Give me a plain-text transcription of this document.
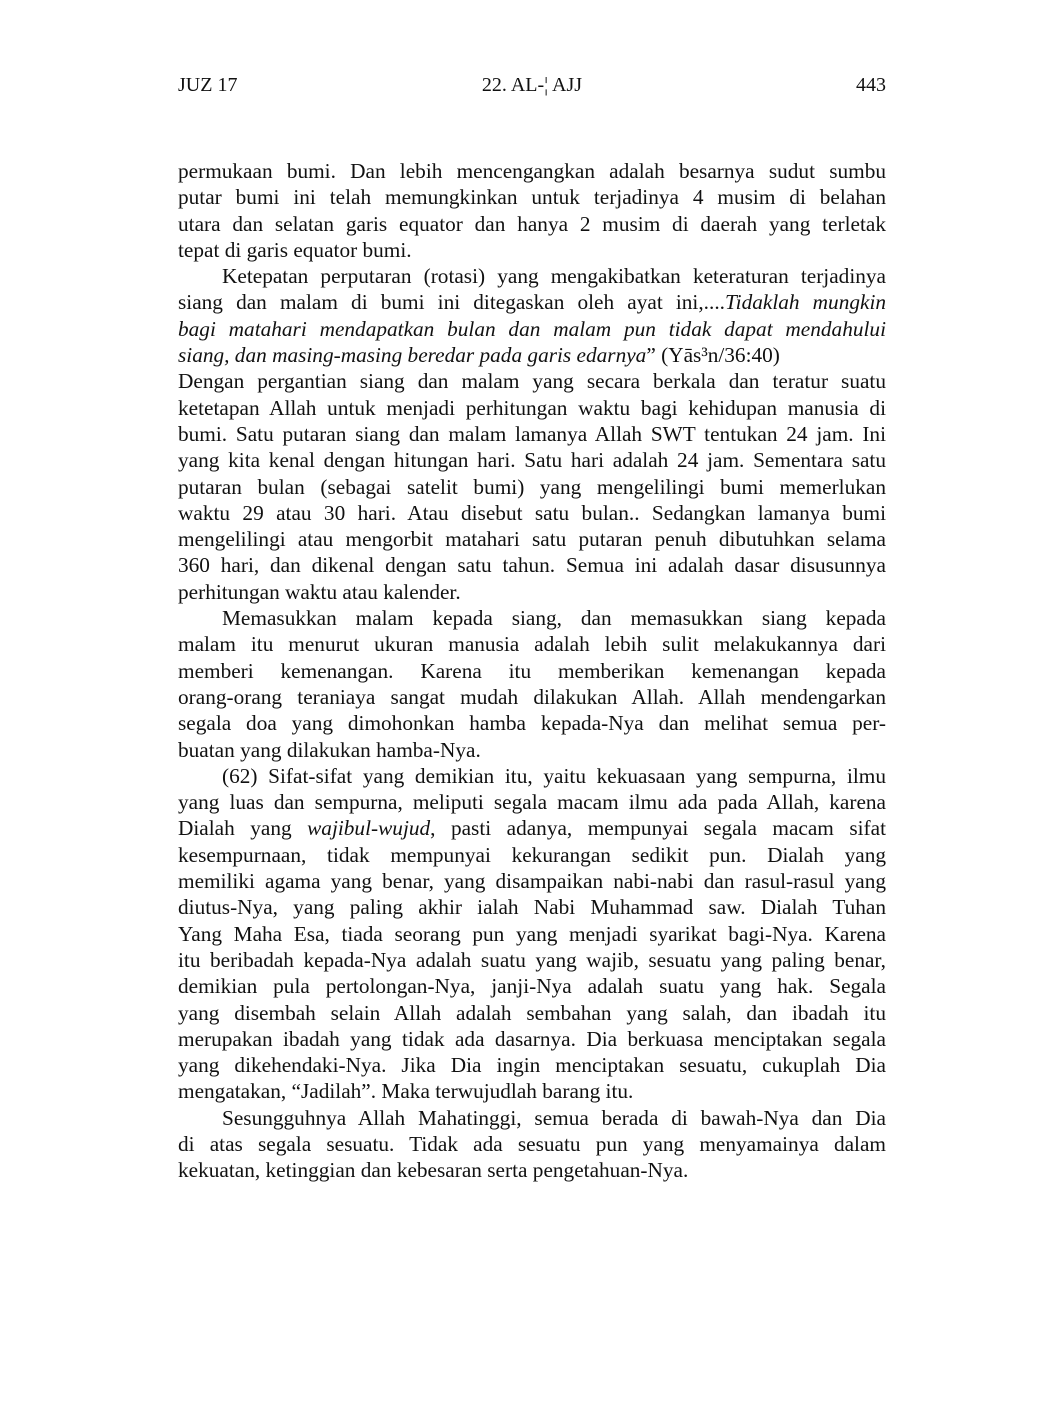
JUZ 17	22. AL-¦ AJJ	443
permukaan bumi. Dan lebih mencengangkan adalah besarnya sudut sumbu
putar bumi ini telah memungkinkan untuk terjadinya 4 musim di belahan
utara dan selatan garis equator dan hanya 2 musim di daerah yang terletak
tepat di garis equator bumi.
Ketepatan perputaran (rotasi) yang mengakibatkan keteraturan terjadinya
siang dan malam di bumi ini ditegaskan oleh ayat ini,....Tidaklah mungkin
bagi matahari mendapatkan bulan dan malam pun tidak dapat mendahului
siang, dan masing-masing beredar pada garis edarnya” (Yās³n/36:40)
Dengan pergantian siang dan malam yang secara berkala dan teratur suatu
ketetapan Allah untuk menjadi perhitungan waktu bagi kehidupan manusia di
bumi. Satu putaran siang dan malam lamanya Allah SWT tentukan 24 jam. Ini
yang kita kenal dengan hitungan hari. Satu hari adalah 24 jam. Sementara satu
putaran bulan (sebagai satelit bumi) yang mengelilingi bumi memerlukan
waktu 29 atau 30 hari. Atau disebut satu bulan.. Sedangkan lamanya bumi
mengelilingi atau mengorbit matahari satu putaran penuh dibutuhkan selama
360 hari, dan dikenal dengan satu tahun. Semua ini adalah dasar disusunnya
perhitungan waktu atau kalender.
Memasukkan malam kepada siang, dan memasukkan siang kepada
malam itu menurut ukuran manusia adalah lebih sulit melakukannya dari
memberi kemenangan. Karena itu memberikan kemenangan kepada
orang-orang teraniaya sangat mudah dilakukan Allah. Allah mendengarkan
segala doa yang dimohonkan hamba kepada-Nya dan melihat semua per-
buatan yang dilakukan hamba-Nya.
(62) Sifat-sifat yang demikian itu, yaitu kekuasaan yang sempurna, ilmu
yang luas dan sempurna, meliputi segala macam ilmu ada pada Allah, karena
Dialah yang wajibul-wujud, pasti adanya, mempunyai segala macam sifat
kesempurnaan, tidak mempunyai kekurangan sedikit pun. Dialah yang
memiliki agama yang benar, yang disampaikan nabi-nabi dan rasul-rasul yang
diutus-Nya, yang paling akhir ialah Nabi Muhammad saw. Dialah Tuhan
Yang Maha Esa, tiada seorang pun yang menjadi syarikat bagi-Nya. Karena
itu beribadah kepada-Nya adalah suatu yang wajib, sesuatu yang paling benar,
demikian pula pertolongan-Nya, janji-Nya adalah suatu yang hak. Segala
yang disembah selain Allah adalah sembahan yang salah, dan ibadah itu
merupakan ibadah yang tidak ada dasarnya. Dia berkuasa menciptakan segala
yang dikehendaki-Nya. Jika Dia ingin menciptakan sesuatu, cukuplah Dia
mengatakan, “Jadilah”. Maka terwujudlah barang itu.
Sesungguhnya Allah Mahatinggi, semua berada di bawah-Nya dan Dia
di atas segala sesuatu. Tidak ada sesuatu pun yang menyamainya dalam
kekuatan, ketinggian dan kebesaran serta pengetahuan-Nya.
